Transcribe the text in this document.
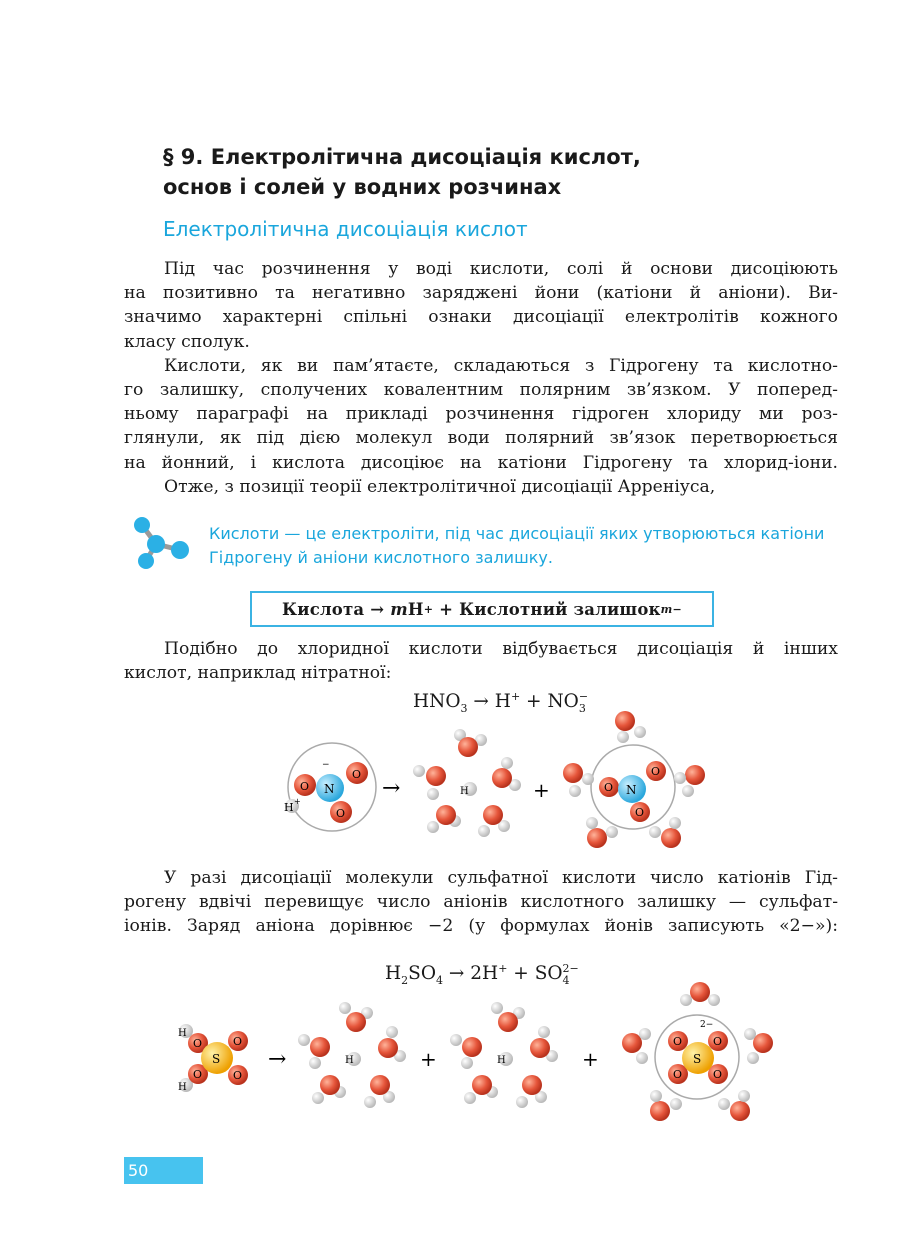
§ 9. Електролітична дисоціація кислот,
основ і солей у водних розчинах
Електролітична дисоціація кислот
Під час розчинення у воді кислоти, солі й основи дисоціюють
на позитивно та негативно заряджені йони (катіони й аніони). Ви-
значимо характерні спільні ознаки дисоціації електролітів кожного
класу сполук.
Кислоти, як ви пам’ятаєте, складаються з Гідрогену та кислотно-
го залишку, сполучених ковалентним полярним зв’язком. У поперед-
ньому параграфі на прикладі розчинення гідроген хлориду ми роз-
глянули, як під дією молекул води полярний зв’язок перетворюється
на йонний, і кислота дисоціює на катіони Гідрогену та хлорид-іони.
Отже, з позиції теорії електролітичної дисоціації Арреніуса,
Кислоти — це електроліти, під час дисоціації яких утворюються катіони
Гідрогену й аніони кислотного залишку.
Кислота
→
m H +
+
Кислотний залишок m−
Подібно до хлоридної кислоти відбувається дисоціація й інших
кислот, наприклад нітратної:
$HNO_3 \to H^+ + NO_3^-$
H +
O
O
O
N
−
→	H	+	O
O
O
N
У разі дисоціації молекули сульфатної кислоти число катіонів Гід-
рогену вдвічі перевищує число аніонів кислотного залишку — сульфат-
іонів. Заряд аніона дорівнює −2 (у формулах йонів записують «2−»):
$H_2SO_4 \to 2H^+ + SO_4^{2-}$
H
H
O	O
O	O
S →	H	+	H	+
2−
O	O
O	O
S
50
